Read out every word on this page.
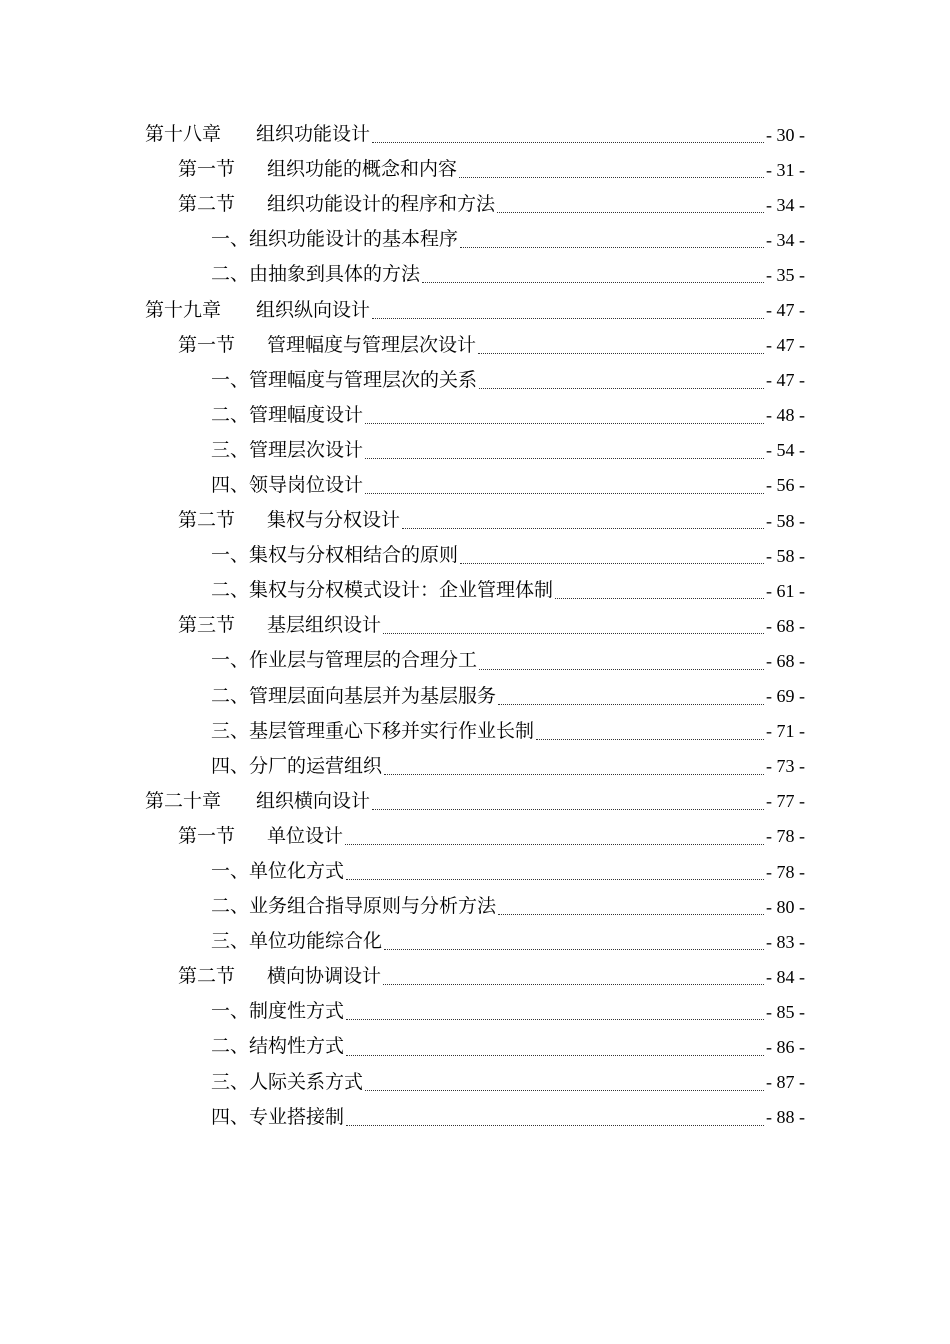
第十八章	组织功能设计	- 30 -
第一节	组织功能的概念和内容	- 31 -
第二节	组织功能设计的程序和方法	- 34 -
一、 组织功能设计的基本程序	- 34 -
二、 由抽象到具体的方法	- 35 -
第十九章	组织纵向设计	- 47 -
第一节	管理幅度与管理层次设计	- 47 -
一、 管理幅度与管理层次的关系	- 47 -
二、 管理幅度设计	- 48 -
三、 管理层次设计	- 54 -
四、 领导岗位设计	- 56 -
第二节	集权与分权设计	- 58 -
一、 集权与分权相结合的原则	- 58 -
二、 集权与分权模式设计：企业管理体制	- 61 -
第三节	基层组织设计	- 68 -
一、 作业层与管理层的合理分工	- 68 -
二、 管理层面向基层并为基层服务	- 69 -
三、 基层管理重心下移并实行作业长制	- 71 -
四、 分厂的运营组织	- 73 -
第二十章	组织横向设计	- 77 -
第一节	单位设计	- 78 -
一、 单位化方式	- 78 -
二、 业务组合指导原则与分析方法	- 80 -
三、 单位功能综合化	- 83 -
第二节	横向协调设计	- 84 -
一、 制度性方式	- 85 -
二、 结构性方式	- 86 -
三、 人际关系方式	- 87 -
四、 专业搭接制	- 88 -
